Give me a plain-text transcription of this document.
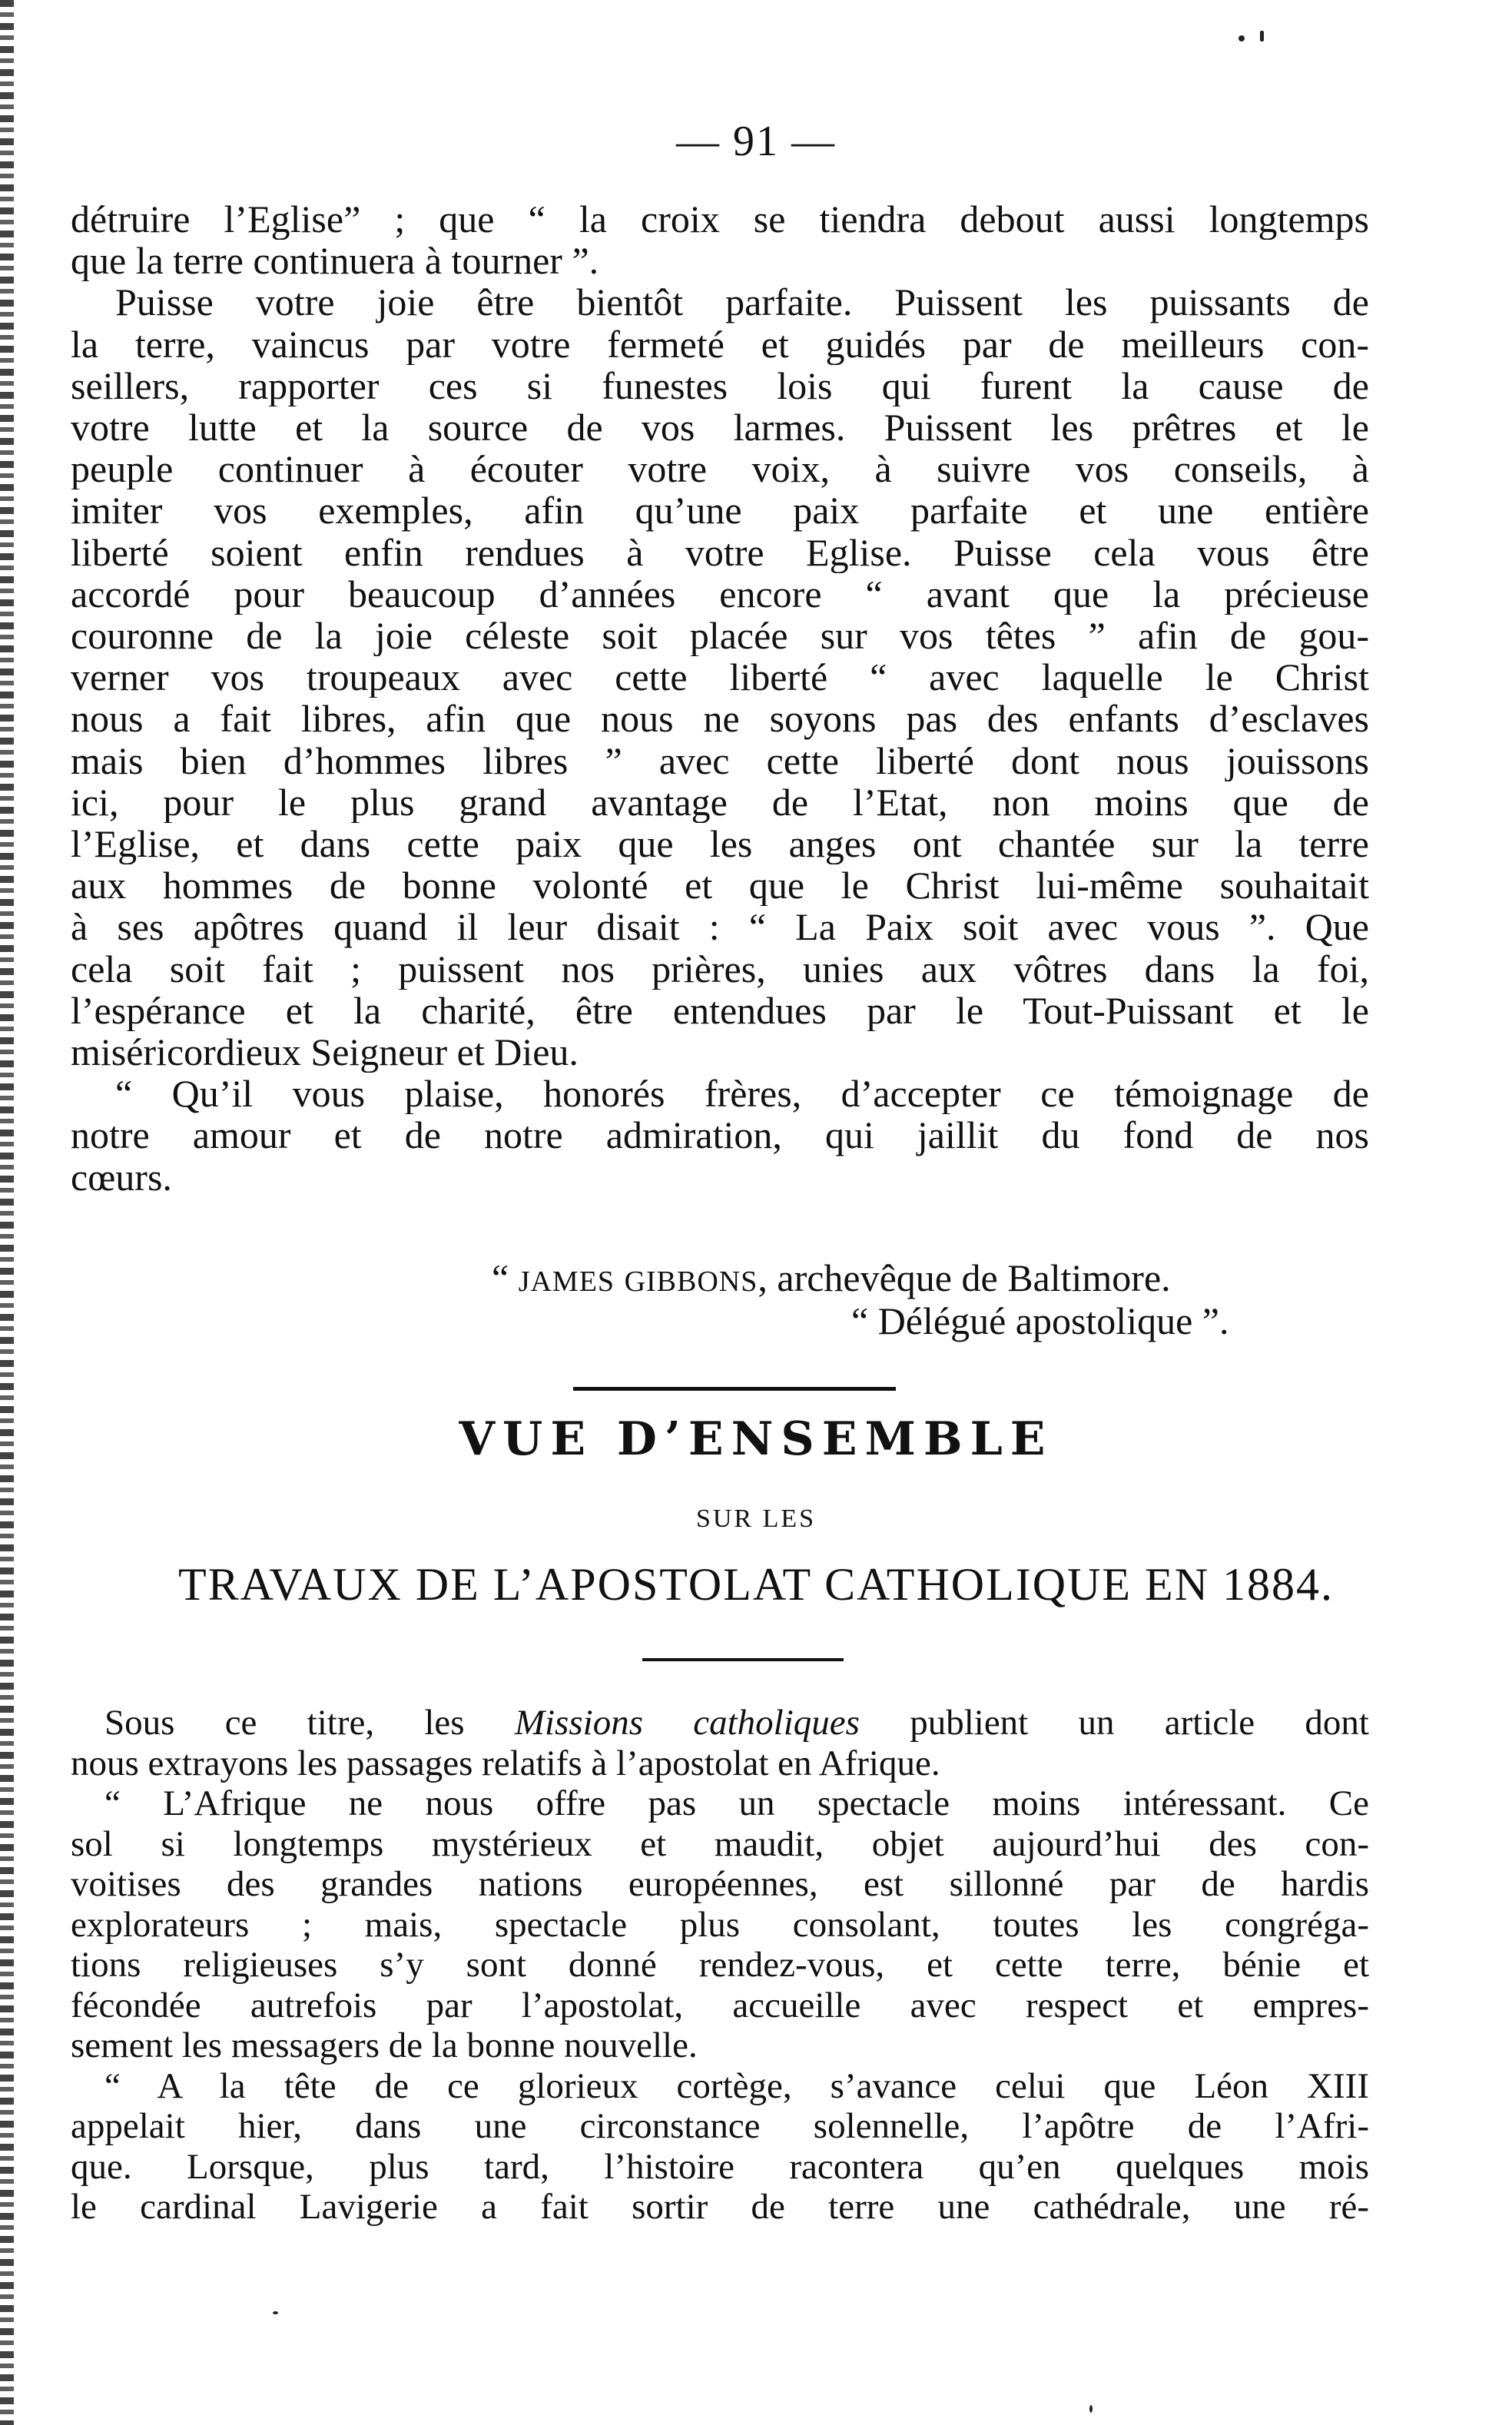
— 91 —
détruire l’Eglise” ; que “ la croix se tiendra debout aussi longtemps
que la terre continuera à tourner ”.
Puisse votre joie être bientôt parfaite. Puissent les puissants de
la terre, vaincus par votre fermeté et guidés par de meilleurs con-
seillers, rapporter ces si funestes lois qui furent la cause de
votre lutte et la source de vos larmes. Puissent les prêtres et le
peuple continuer à écouter votre voix, à suivre vos conseils, à
imiter vos exemples, afin qu’une paix parfaite et une entière
liberté soient enfin rendues à votre Eglise. Puisse cela vous être
accordé pour beaucoup d’années encore “ avant que la précieuse
couronne de la joie céleste soit placée sur vos têtes ” afin de gou-
verner vos troupeaux avec cette liberté “ avec laquelle le Christ
nous a fait libres, afin que nous ne soyons pas des enfants d’esclaves
mais bien d’hommes libres ” avec cette liberté dont nous jouissons
ici, pour le plus grand avantage de l’Etat, non moins que de
l’Eglise, et dans cette paix que les anges ont chantée sur la terre
aux hommes de bonne volonté et que le Christ lui-même souhaitait
à ses apôtres quand il leur disait : “ La Paix soit avec vous ”. Que
cela soit fait ; puissent nos prières, unies aux vôtres dans la foi,
l’espérance et la charité, être entendues par le Tout-Puissant et le
miséricordieux Seigneur et Dieu.
“ Qu’il vous plaise, honorés frères, d’accepter ce témoignage de
notre amour et de notre admiration, qui jaillit du fond de nos
cœurs.
“ JAMES GIBBONS, archevêque de Baltimore.
“ Délégué apostolique ”.
VUE D’ENSEMBLE
SUR LES
TRAVAUX DE L’APOSTOLAT CATHOLIQUE EN 1884.
Sous ce titre, les Missions catholiques publient un article dont
nous extrayons les passages relatifs à l’apostolat en Afrique.
“ L’Afrique ne nous offre pas un spectacle moins intéressant. Ce
sol si longtemps mystérieux et maudit, objet aujourd’hui des con-
voitises des grandes nations européennes, est sillonné par de hardis
explorateurs ; mais, spectacle plus consolant, toutes les congréga-
tions religieuses s’y sont donné rendez-vous, et cette terre, bénie et
fécondée autrefois par l’apostolat, accueille avec respect et empres-
sement les messagers de la bonne nouvelle.
“ A la tête de ce glorieux cortège, s’avance celui que Léon XIII
appelait hier, dans une circonstance solennelle, l’apôtre de l’Afri-
que. Lorsque, plus tard, l’histoire racontera qu’en quelques mois
le cardinal Lavigerie a fait sortir de terre une cathédrale, une ré-
